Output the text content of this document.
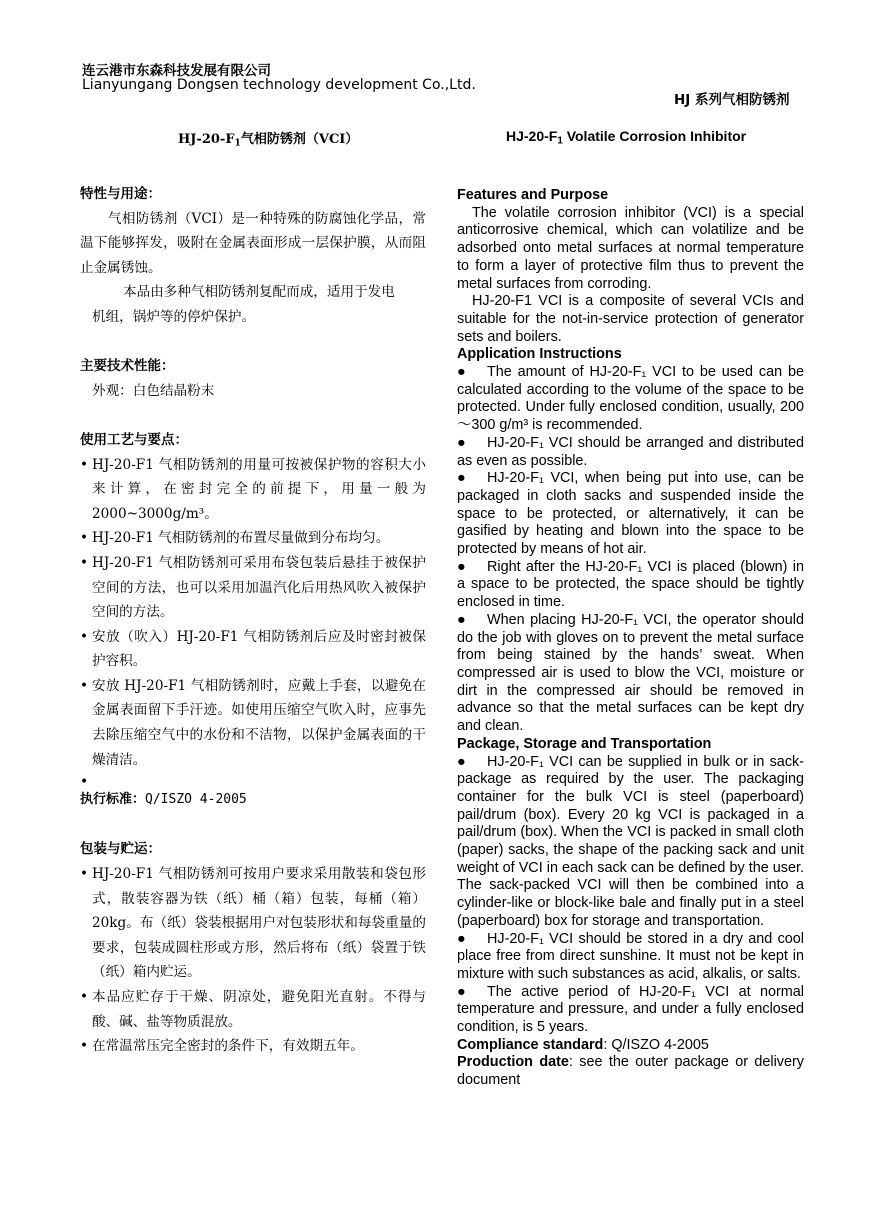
连云港市东森科技发展有限公司
Lianyungang Dongsen technology development Co.,Ltd.
HJ 系列气相防锈剂
$HJ-20-F_1$气相防锈剂（VCI）	$HJ-20-F_1$ Volatile Corrosion Inhibitor

特性与用途：

气相防锈剂（VCI）是一种特殊的防腐蚀化学品，常温下能够挥发，吸附在金属表面形成一层保护膜，从而阻止金属锈蚀。

本品由多种气相防锈剂复配而成，适用于发电

机组，锅炉等的停炉保护。

主要技术性能：

外观：白色结晶粉末

使用工艺与要点：

• HJ-20-F1 气相防锈剂的用量可按被保护物的容积大小来计算，在密封完全的前提下，用量一般为 2000~3000g/m³。
• HJ-20-F1 气相防锈剂的布置尽量做到分布均匀。
• HJ-20-F1 气相防锈剂可采用布袋包装后悬挂于被保护空间的方法，也可以采用加温汽化后用热风吹入被保护空间的方法。
• 安放（吹入）HJ-20-F1 气相防锈剂后应及时密封被保护容积。
• 安放 HJ-20-F1 气相防锈剂时，应戴上手套，以避免在金属表面留下手汗迹。如使用压缩空气吹入时，应事先去除压缩空气中的水份和不洁物，以保护金属表面的干燥清洁。

•

执行标准：Q/ISZO 4-2005

包装与贮运：

• HJ-20-F1 气相防锈剂可按用户要求采用散装和袋包形式，散装容器为铁（纸）桶（箱）包装，每桶（箱）20kg。布（纸）袋装根据用户对包装形状和每袋重量的要求，包装成圆柱形或方形，然后将布（纸）袋置于铁（纸）箱内贮运。
• 本品应贮存于干燥、阴凉处，避免阳光直射。不得与酸、碱、盐等物质混放。
• 在常温常压完全密封的条件下，有效期五年。

Features and Purpose

The volatile corrosion inhibitor (VCI) is a special anticorrosive chemical, which can volatilize and be adsorbed onto metal surfaces at normal temperature to form a layer of protective film thus to prevent the metal surfaces from corroding.

HJ-20-F1 VCI is a composite of several VCIs and suitable for the not-in-service protection of generator sets and boilers.

Application Instructions

● The amount of HJ-20-F₁ VCI to be used can be calculated according to the volume of the space to be protected. Under fully enclosed condition, usually, 200～300 g/m³ is recommended.

● HJ-20-F₁ VCI should be arranged and distributed as even as possible.

● HJ-20-F₁ VCI, when being put into use, can be packaged in cloth sacks and suspended inside the space to be protected, or alternatively, it can be gasified by heating and blown into the space to be protected by means of hot air.

● Right after the HJ-20-F₁ VCI is placed (blown) in a space to be protected, the space should be tightly enclosed in time.

● When placing HJ-20-F₁ VCI, the operator should do the job with gloves on to prevent the metal surface from being stained by the hands’ sweat. When compressed air is used to blow the VCI, moisture or dirt in the compressed air should be removed in advance so that the metal surfaces can be kept dry and clean.

Package, Storage and Transportation

● HJ-20-F₁ VCI can be supplied in bulk or in sack-package as required by the user. The packaging container for the bulk VCI is steel (paperboard) pail/drum (box). Every 20 kg VCI is packaged in a pail/drum (box). When the VCI is packed in small cloth (paper) sacks, the shape of the packing sack and unit weight of VCI in each sack can be defined by the user. The sack-packed VCI will then be combined into a cylinder-like or block-like bale and finally put in a steel (paperboard) box for storage and transportation.

● HJ-20-F₁ VCI should be stored in a dry and cool place free from direct sunshine. It must not be kept in mixture with such substances as acid, alkalis, or salts.

● The active period of HJ-20-F₁ VCI at normal temperature and pressure, and under a fully enclosed condition, is 5 years.

Compliance standard: Q/ISZO 4-2005

Production date: see the outer package or delivery document
